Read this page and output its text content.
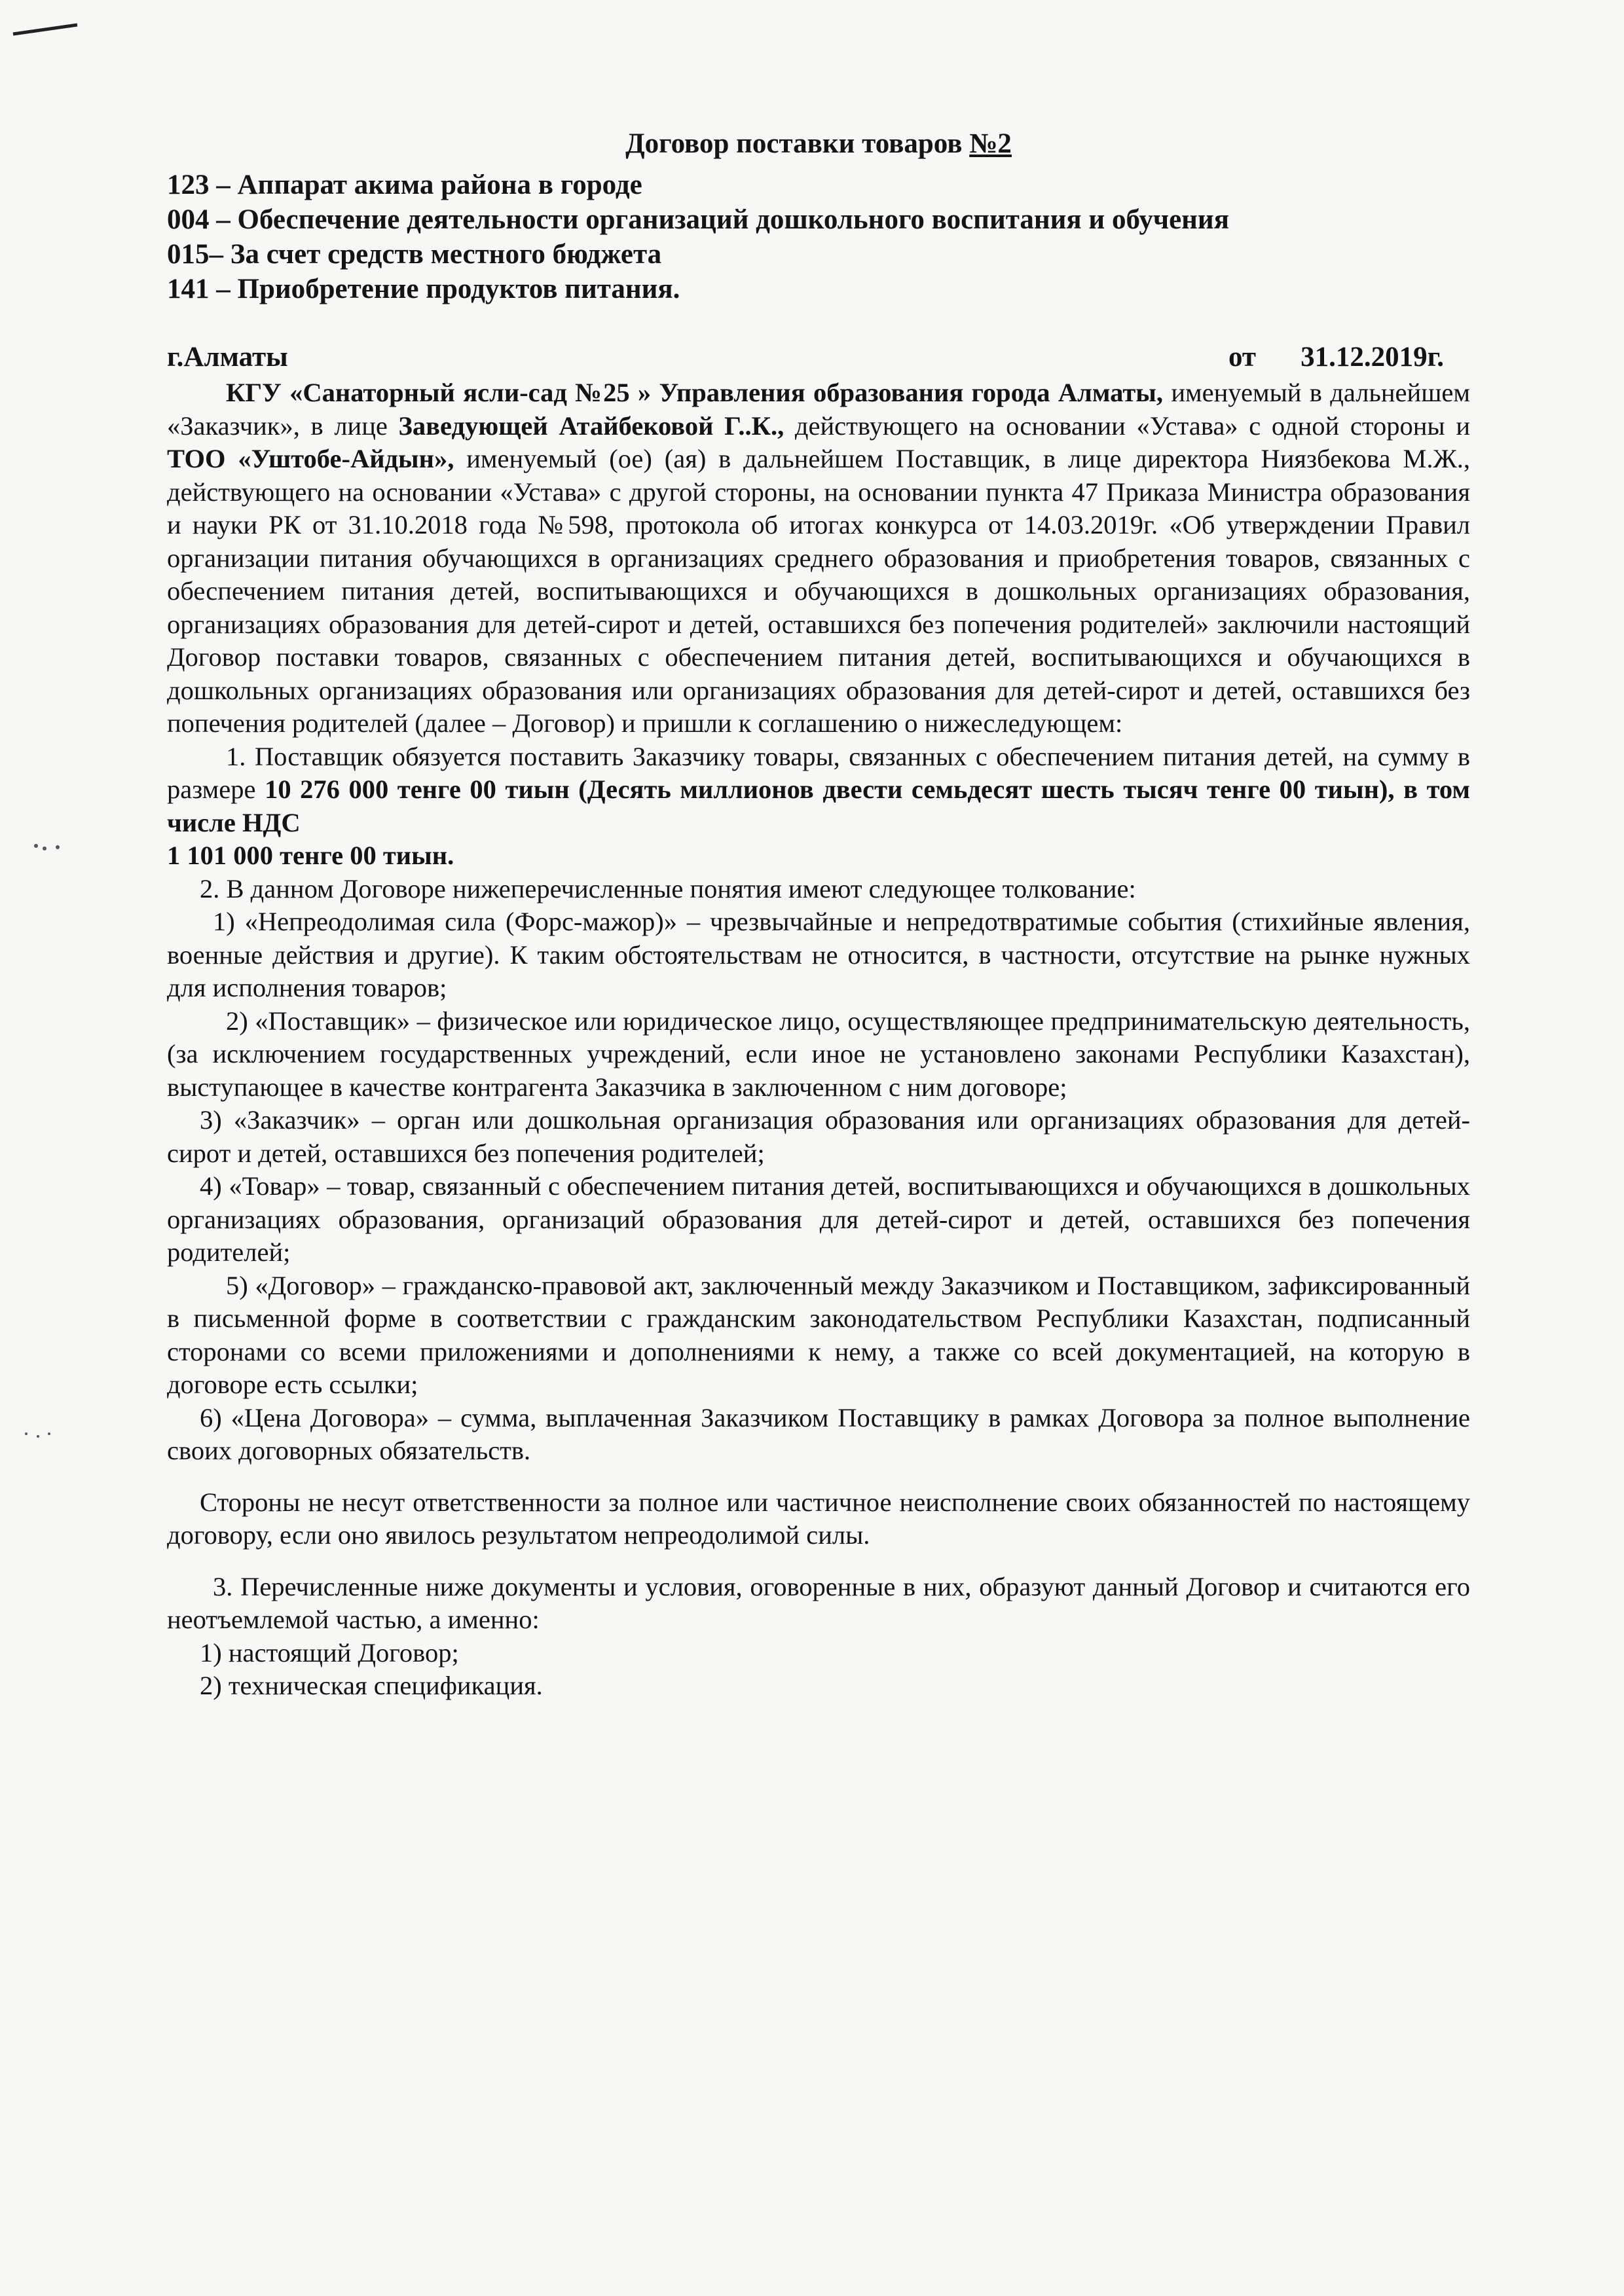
Договор поставки товаров №2
123 – Аппарат акима района в городе
004 – Обеспечение деятельности организаций дошкольного воспитания и обучения
015– За счет средств местного бюджета
141 – Приобретение продуктов питания.
г.Алматы	от 31.12.2019г.

КГУ «Санаторный ясли-сад №25 » Управления образования города Алматы, именуемый в дальнейшем «Заказчик», в лице Заведующей Атайбековой Г..К., действующего на основании «Устава» с одной стороны и ТОО «Уштобе-Айдын», именуемый (ое) (ая) в дальнейшем Поставщик, в лице директора Ниязбекова М.Ж., действующего на основании «Устава» с другой стороны, на основании пункта 47 Приказа Министра образования и науки РК от 31.10.2018 года №598, протокола об итогах конкурса от 14.03.2019г. «Об утверждении Правил организации питания обучающихся в организациях среднего образования и приобретения товаров, связанных с обеспечением питания детей, воспитывающихся и обучающихся в дошкольных организациях образования, организациях образования для детей-сирот и детей, оставшихся без попечения родителей» заключили настоящий Договор поставки товаров, связанных с обеспечением питания детей, воспитывающихся и обучающихся в дошкольных организациях образования или организациях образования для детей-сирот и детей, оставшихся без попечения родителей (далее – Договор) и пришли к соглашению о нижеследующем:

1. Поставщик обязуется поставить Заказчику товары, связанных с обеспечением питания детей, на сумму в размере 10 276 000 тенге 00 тиын (Десять миллионов двести семьдесят шесть тысяч тенге 00 тиын), в том числе НДС

1 101 000 тенге 00 тиын.

2. В данном Договоре нижеперечисленные понятия имеют следующее толкование:

1) «Непреодолимая сила (Форс-мажор)» – чрезвычайные и непредотвратимые события (стихийные явления, военные действия и другие). К таким обстоятельствам не относится, в частности, отсутствие на рынке нужных для исполнения товаров;

2) «Поставщик» – физическое или юридическое лицо, осуществляющее предпринимательскую деятельность, (за исключением государственных учреждений, если иное не установлено законами Республики Казахстан), выступающее в качестве контрагента Заказчика в заключенном с ним договоре;

3) «Заказчик» – орган или дошкольная организация образования или организациях образования для детей-сирот и детей, оставшихся без попечения родителей;

4) «Товар» – товар, связанный с обеспечением питания детей, воспитывающихся и обучающихся в дошкольных организациях образования, организаций образования для детей-сирот и детей, оставшихся без попечения родителей;

5) «Договор» – гражданско-правовой акт, заключенный между Заказчиком и Поставщиком, зафиксированный в письменной форме в соответствии с гражданским законодательством Республики Казахстан, подписанный сторонами со всеми приложениями и дополнениями к нему, а также со всей документацией, на которую в договоре есть ссылки;

6) «Цена Договора» – сумма, выплаченная Заказчиком Поставщику в рамках Договора за полное выполнение своих договорных обязательств.

Стороны не несут ответственности за полное или частичное неисполнение своих обязанностей по настоящему договору, если оно явилось результатом непреодолимой силы.

3. Перечисленные ниже документы и условия, оговоренные в них, образуют данный Договор и считаются его неотъемлемой частью, а именно:

1) настоящий Договор;

2) техническая спецификация.
